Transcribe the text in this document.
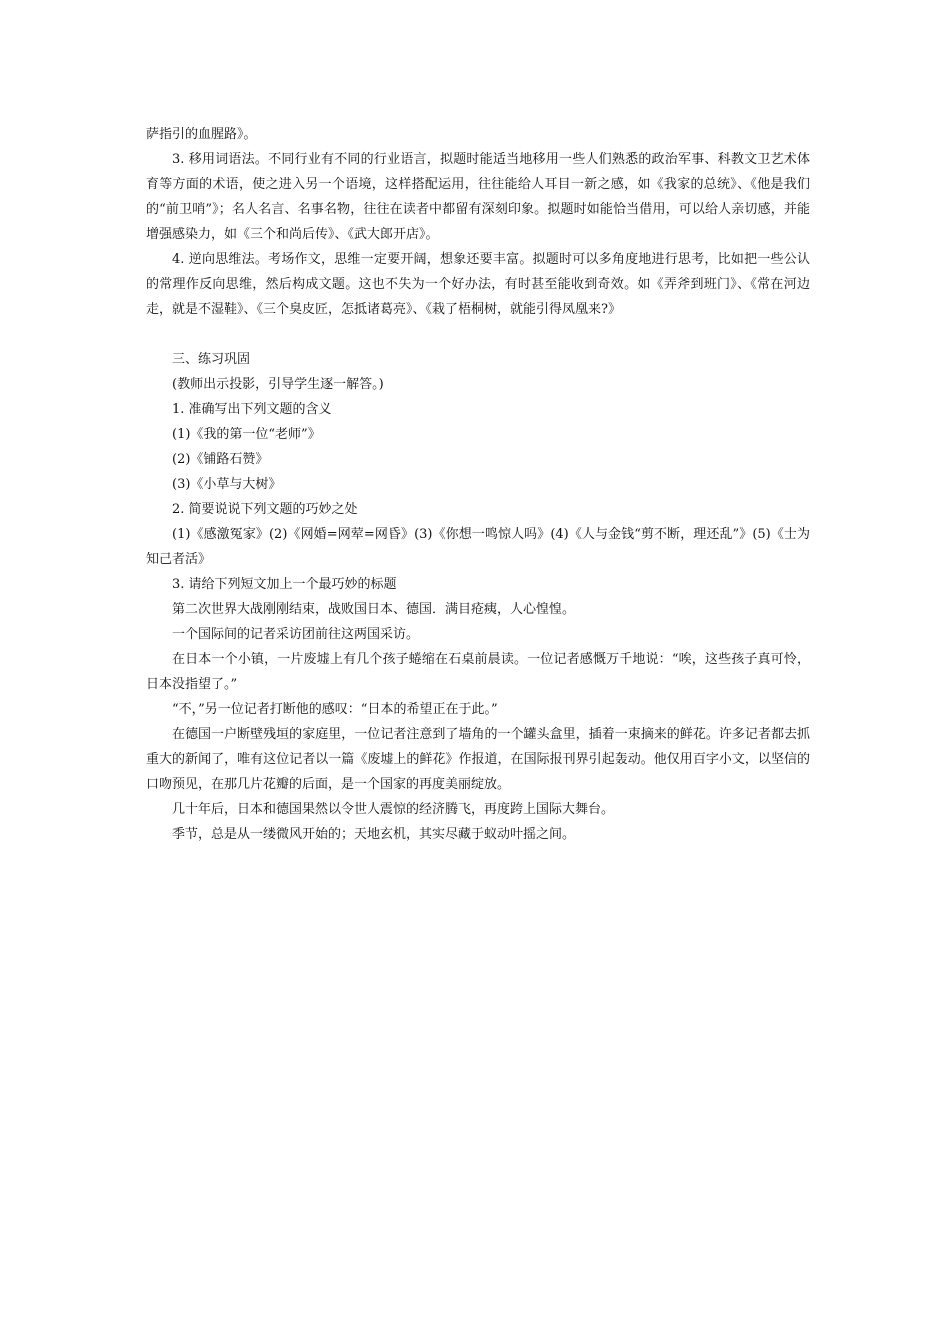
萨指引的血腥路》。

3. 移用词语法。不同行业有不同的行业语言，拟题时能适当地移用一些人们熟悉的政治军事、科教文卫艺术体育等方面的术语，使之进入另一个语境，这样搭配运用，往往能给人耳目一新之感，如《我家的总统》、《他是我们的“前卫哨”》；名人名言、名事名物，往往在读者中都留有深刻印象。拟题时如能恰当借用，可以给人亲切感，并能增强感染力，如《三个和尚后传》、《武大郎开店》。

4. 逆向思维法。考场作文，思维一定要开阔，想象还要丰富。拟题时可以多角度地进行思考，比如把一些公认的常理作反向思维，然后构成文题。这也不失为一个好办法，有时甚至能收到奇效。如《弄斧到班门》、《常在河边走，就是不湿鞋》、《三个臭皮匠，怎抵诸葛亮》、《栽了梧桐树，就能引得凤凰来?》

三、练习巩固

(教师出示投影，引导学生逐一解答。)

1. 准确写出下列文题的含义

(1)《我的第一位“老师”》

(2)《铺路石赞》

(3)《小草与大树》

2. 简要说说下列文题的巧妙之处

(1)《感激冤家》(2)《网婚=网荤=网昏》(3)《你想一鸣惊人吗》(4)《人与金钱“剪不断，理还乱”》(5)《士为知己者活》

3. 请给下列短文加上一个最巧妙的标题

第二次世界大战刚刚结束，战败国日本、德国．满目疮痍，人心惶惶。

一个国际间的记者采访团前往这两国采访。

在日本一个小镇，一片废墟上有几个孩子蜷缩在石桌前晨读。一位记者感慨万千地说：“唉，这些孩子真可怜，日本没指望了。”

“不，”另一位记者打断他的感叹：“日本的希望正在于此。”

在德国一户断壁残垣的家庭里，一位记者注意到了墙角的一个罐头盒里，插着一束摘来的鲜花。许多记者都去抓重大的新闻了，唯有这位记者以一篇《废墟上的鲜花》作报道，在国际报刊界引起轰动。他仅用百字小文，以坚信的口吻预见，在那几片花瓣的后面，是一个国家的再度美丽绽放。

几十年后，日本和德国果然以令世人震惊的经济腾飞，再度跨上国际大舞台。

季节，总是从一缕微风开始的；天地玄机，其实尽藏于蚁动叶摇之间。
